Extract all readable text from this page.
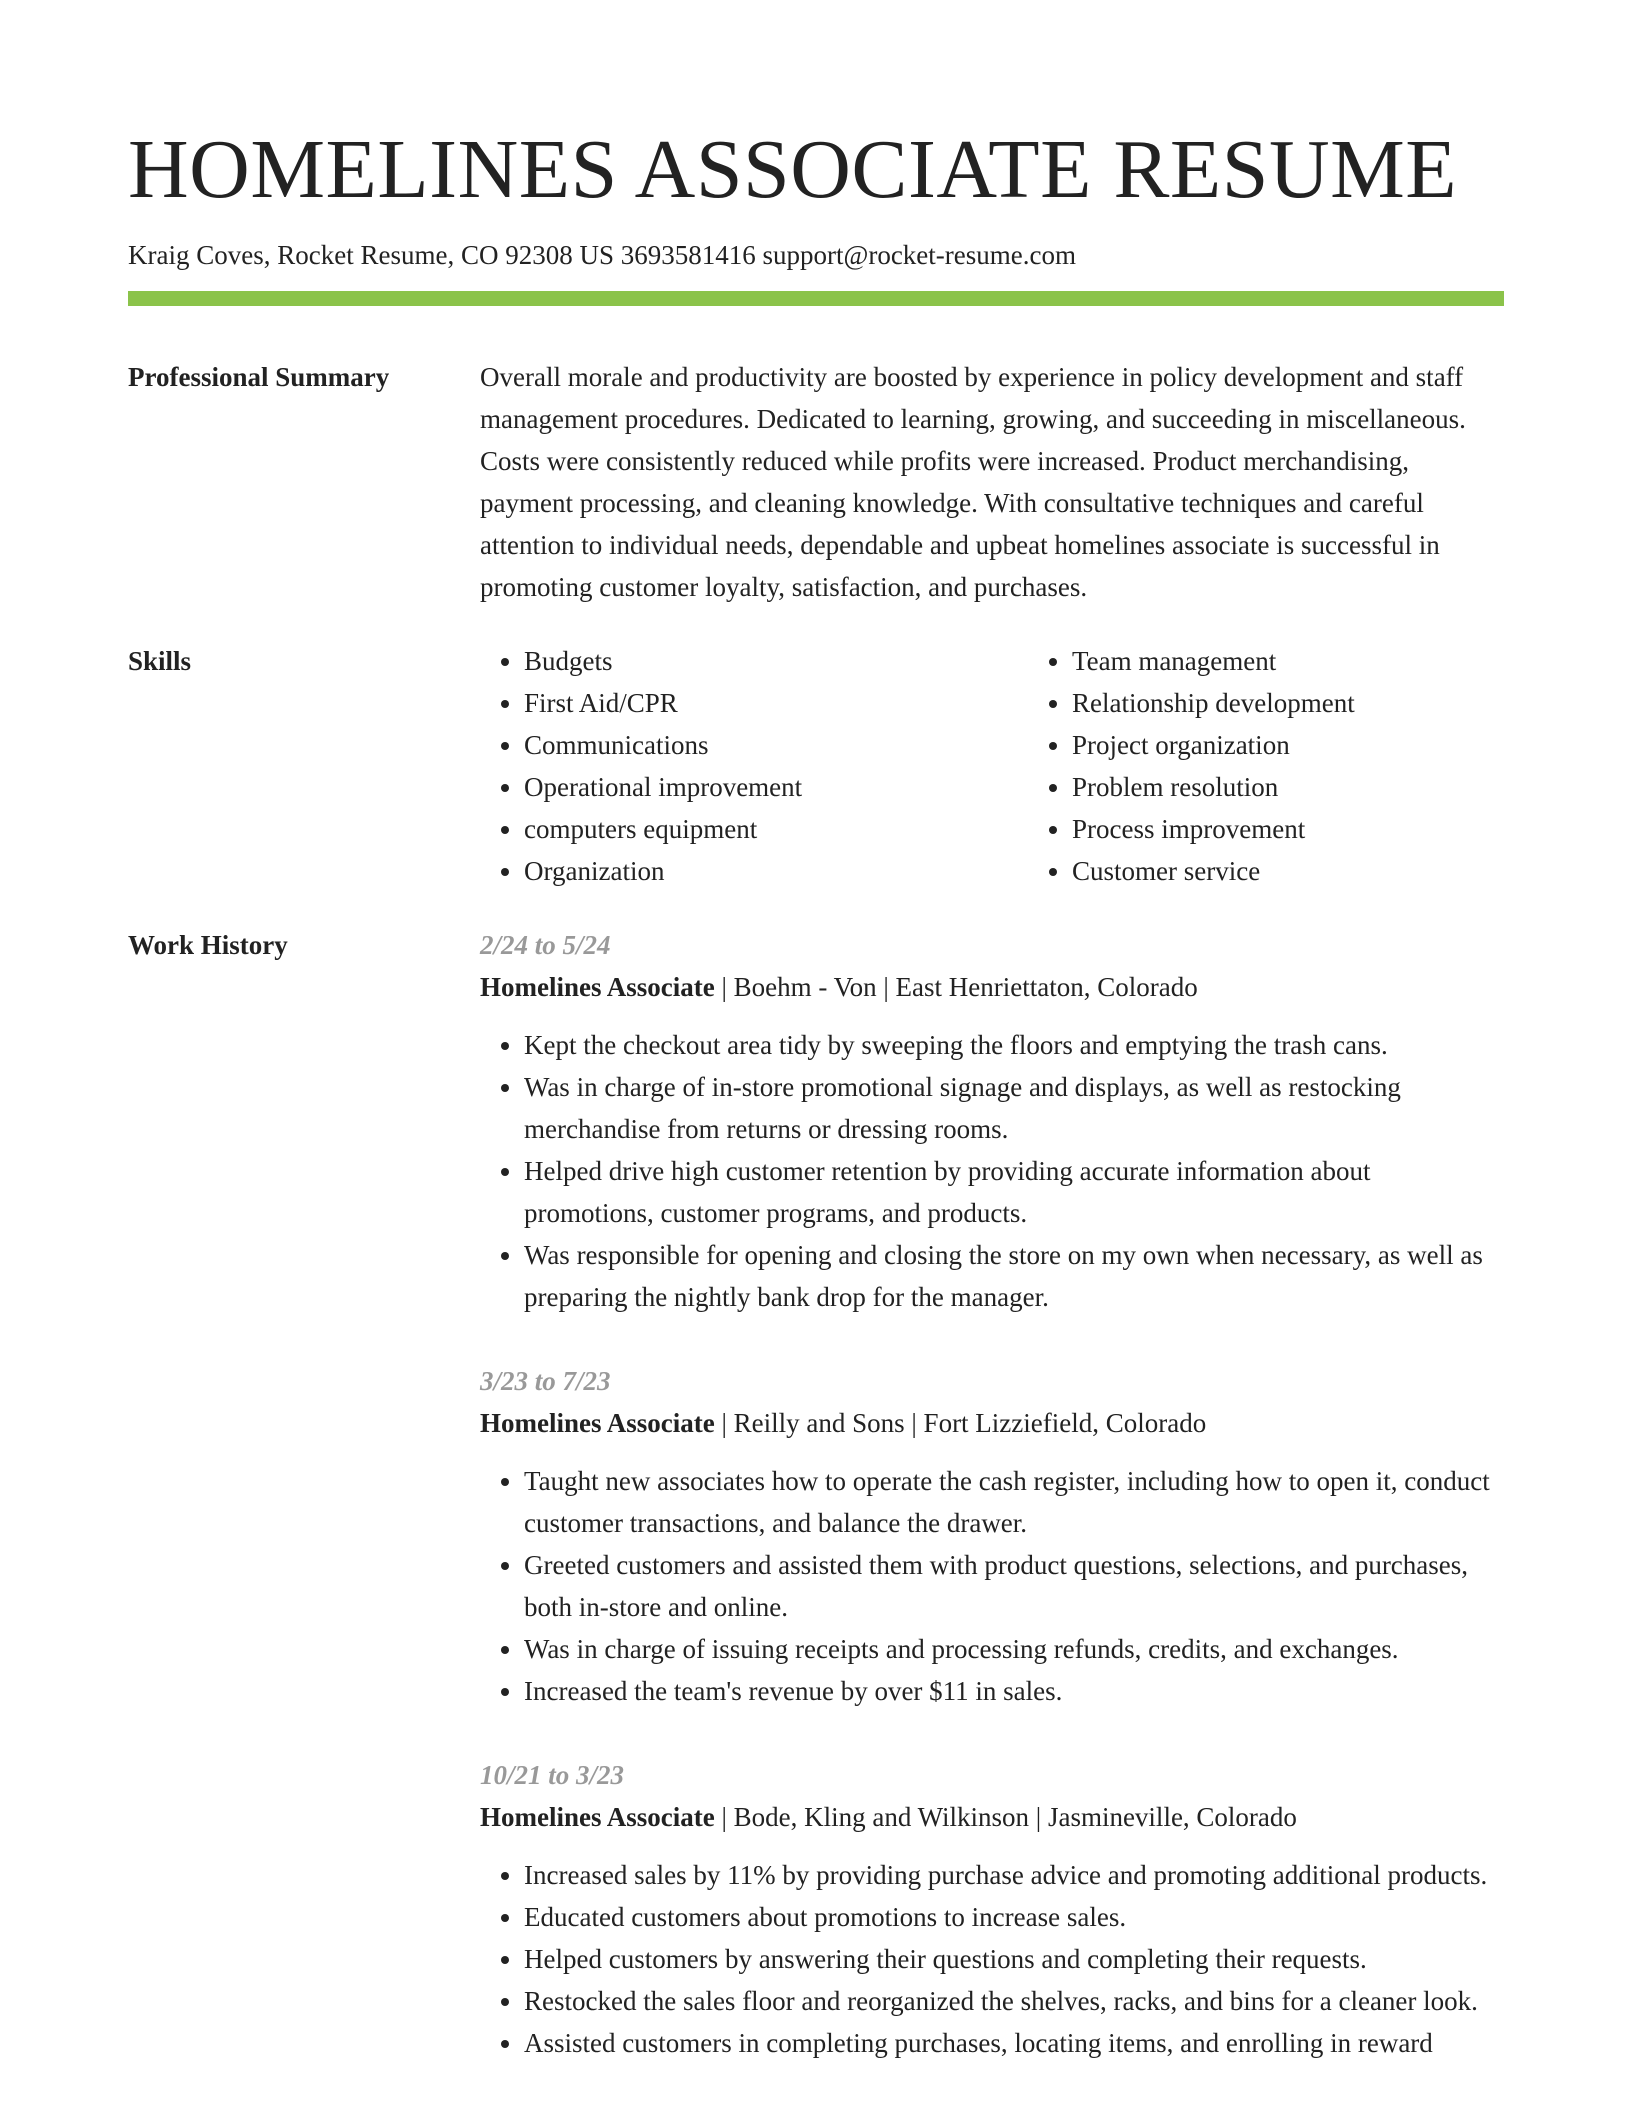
HOMELINES ASSOCIATE RESUME
Kraig Coves, Rocket Resume, CO 92308 US 3693581416 support@rocket-resume.com
Professional Summary	Overall morale and productivity are boosted by experience in policy development and staff management procedures. Dedicated to learning, growing, and succeeding in miscellaneous. Costs were consistently reduced while profits were increased. Product merchandising, payment processing, and cleaning knowledge. With consultative techniques and careful attention to individual needs, dependable and upbeat homelines associate is successful in promoting customer loyalty, satisfaction, and purchases.

Skills
•	Budgets
• First Aid/CPR
• Communications
• Operational improvement
• computers equipment
• Organization
• Team management
• Relationship development
• Project organization
• Problem resolution
• Process improvement
• Customer service
Work History	2/24 to 5/24
Homelines Associate | Boehm - Von | East Henriettaton, Colorado
• Kept the checkout area tidy by sweeping the floors and emptying the trash cans.
• Was in charge of in-store promotional signage and displays, as well as restocking merchandise from returns or dressing rooms.
• Helped drive high customer retention by providing accurate information about promotions, customer programs, and products.
• Was responsible for opening and closing the store on my own when necessary, as well as preparing the nightly bank drop for the manager.
3/23 to 7/23
Homelines Associate | Reilly and Sons | Fort Lizziefield, Colorado
• Taught new associates how to operate the cash register, including how to open it, conduct customer transactions, and balance the drawer.
• Greeted customers and assisted them with product questions, selections, and purchases, both in-store and online.
• Was in charge of issuing receipts and processing refunds, credits, and exchanges.
• Increased the team's revenue by over $11 in sales.
10/21 to 3/23
Homelines Associate | Bode, Kling and Wilkinson | Jasmineville, Colorado
• Increased sales by 11% by providing purchase advice and promoting additional products.
• Educated customers about promotions to increase sales.
• Helped customers by answering their questions and completing their requests.
• Restocked the sales floor and reorganized the shelves, racks, and bins for a cleaner look.
• Assisted customers in completing purchases, locating items, and enrolling in reward
